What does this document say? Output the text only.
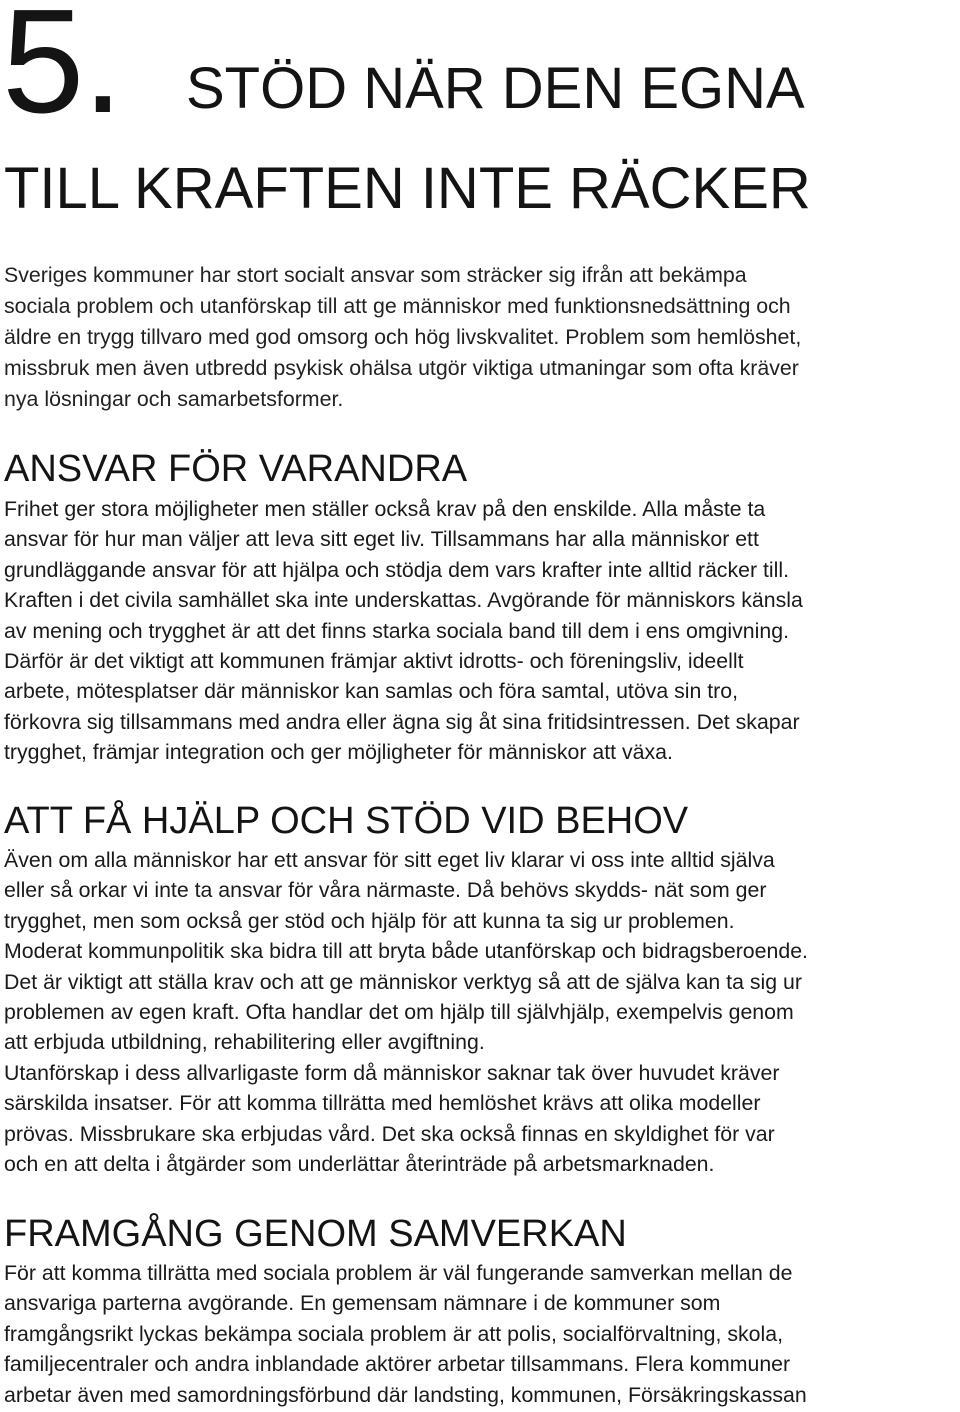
5. STÖD NÄR DEN EGNA
TILL KRAFTEN INTE RÄCKER

Sveriges kommuner har stort socialt ansvar som sträcker sig ifrån att bekämpa
sociala problem och utanförskap till att ge människor med funktionsnedsättning och
äldre en trygg tillvaro med god omsorg och hög livskvalitet. Problem som hemlöshet,
missbruk men även utbredd psykisk ohälsa utgör viktiga utmaningar som ofta kräver
nya lösningar och samarbetsformer.

ANSVAR FÖR VARANDRA

Frihet ger stora möjligheter men ställer också krav på den enskilde. Alla måste ta
ansvar för hur man väljer att leva sitt eget liv. Tillsammans har alla människor ett
grundläggande ansvar för att hjälpa och stödja dem vars krafter inte alltid räcker till.
Kraften i det civila samhället ska inte underskattas. Avgörande för människors känsla
av mening och trygghet är att det finns starka sociala band till dem i ens omgivning.
Därför är det viktigt att kommunen främjar aktivt idrotts- och föreningsliv, ideellt
arbete, mötesplatser där människor kan samlas och föra samtal, utöva sin tro,
förkovra sig tillsammans med andra eller ägna sig åt sina fritidsintressen. Det skapar
trygghet, främjar integration och ger möjligheter för människor att växa.

ATT FÅ HJÄLP OCH STÖD VID BEHOV

Även om alla människor har ett ansvar för sitt eget liv klarar vi oss inte alltid själva
eller så orkar vi inte ta ansvar för våra närmaste. Då behövs skydds- nät som ger
trygghet, men som också ger stöd och hjälp för att kunna ta sig ur problemen.
Moderat kommunpolitik ska bidra till att bryta både utanförskap och bidragsberoende.
Det är viktigt att ställa krav och att ge människor verktyg så att de själva kan ta sig ur
problemen av egen kraft. Ofta handlar det om hjälp till självhjälp, exempelvis genom
att erbjuda utbildning, rehabilitering eller avgiftning.
Utanförskap i dess allvarligaste form då människor saknar tak över huvudet kräver
särskilda insatser. För att komma tillrätta med hemlöshet krävs att olika modeller
prövas. Missbrukare ska erbjudas vård. Det ska också finnas en skyldighet för var
och en att delta i åtgärder som underlättar återinträde på arbetsmarknaden.

FRAMGÅNG GENOM SAMVERKAN

För att komma tillrätta med sociala problem är väl fungerande samverkan mellan de
ansvariga parterna avgörande. En gemensam nämnare i de kommuner som
framgångsrikt lyckas bekämpa sociala problem är att polis, socialförvaltning, skola,
familjecentraler och andra inblandade aktörer arbetar tillsammans. Flera kommuner
arbetar även med samordningsförbund där landsting, kommunen, Försäkringskassan
